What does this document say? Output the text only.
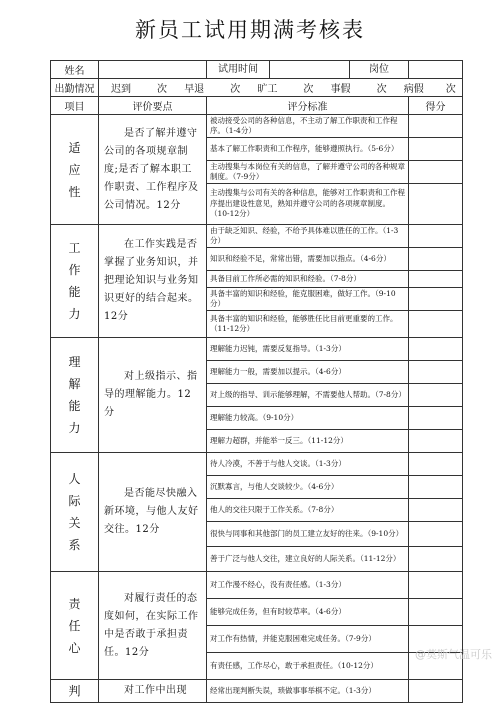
新员工试用期满考核表
姓名		试用时间 岗位	

出勤情况	迟到 次 早退 次 旷工 次 事假 次 病假 次		
项目	评价要点	评分标准	得分

适
应
性	是否了解并遵守公司的各项规章制度;是否了解本职工作职责、工作程序及公司情况。12分	被动接受公司的各种信息，不主动了解工作职责和工作程序。（1-4分）	
		基本了解工作职责和工作程序，能够遵照执行。（5-6分）	
		主动搜集与本岗位有关的信息，了解并遵守公司的各种规章制度。（7-9分）	
		主动搜集与公司有关的各种信息，能够对工作职责和工作程序提出建设性意见，熟知并遵守公司的各项规章制度。（10-12分）	

工
作
能
力	在工作实践是否掌握了业务知识，并把理论知识与业务知识更好的结合起来。12分	由于缺乏知识、经验，不给予具体难以胜任的工作。（1-3分）	
		知识和经验不足，常常出错，需要加以指点。（4-6分）	
		具备目前工作所必需的知识和经验。（7-8分）	
		具备丰富的知识和经验，能克服困难，做好工作。（9-10分）	
		具备丰富的知识和经验，能够胜任比目前更重要的工作。（11-12分）	

理
解
能
力	对上级指示、指导的理解能力。12分	理解能力迟钝，需要反复指导。（1-3分）	
		理解能力一般，需要加以提示。（4-6分）	
		对上级的指导、训示能够理解，不需要他人帮助。（7-8分）	
		理解能力较高。（9-10分）	
		理解力超群，并能举一反三。（11-12分）	

人
际
关
系	是否能尽快融入新环境，与他人友好交往。12分	待人冷漠，不善于与他人交谈。（1-3分）	
		沉默寡言，与他人交谈较少。（4-6分）	
		他人的交往只限于工作关系。（7-8分）	
		很快与同事和其他部门的员工建立友好的往来。（9-10分）	
		善于广泛与他人交往，建立良好的人际关系。（11-12分）	

责
任
心	对履行责任的态度如何，在实际工作中是否敢于承担责任。12分	对工作漫不经心，没有责任感。（1-3分）	
		能够完成任务，但有时较草率。（4-6分）	
		对工作有热情，并能克服困难完成任务。（7-9分）	
		有责任感，工作尽心，敢于承担责任。（10-12分）	

判	对工作中出现	经常出现判断失误，琐做事事举棋不定。（1-3分）	
@莫斯气温可乐
